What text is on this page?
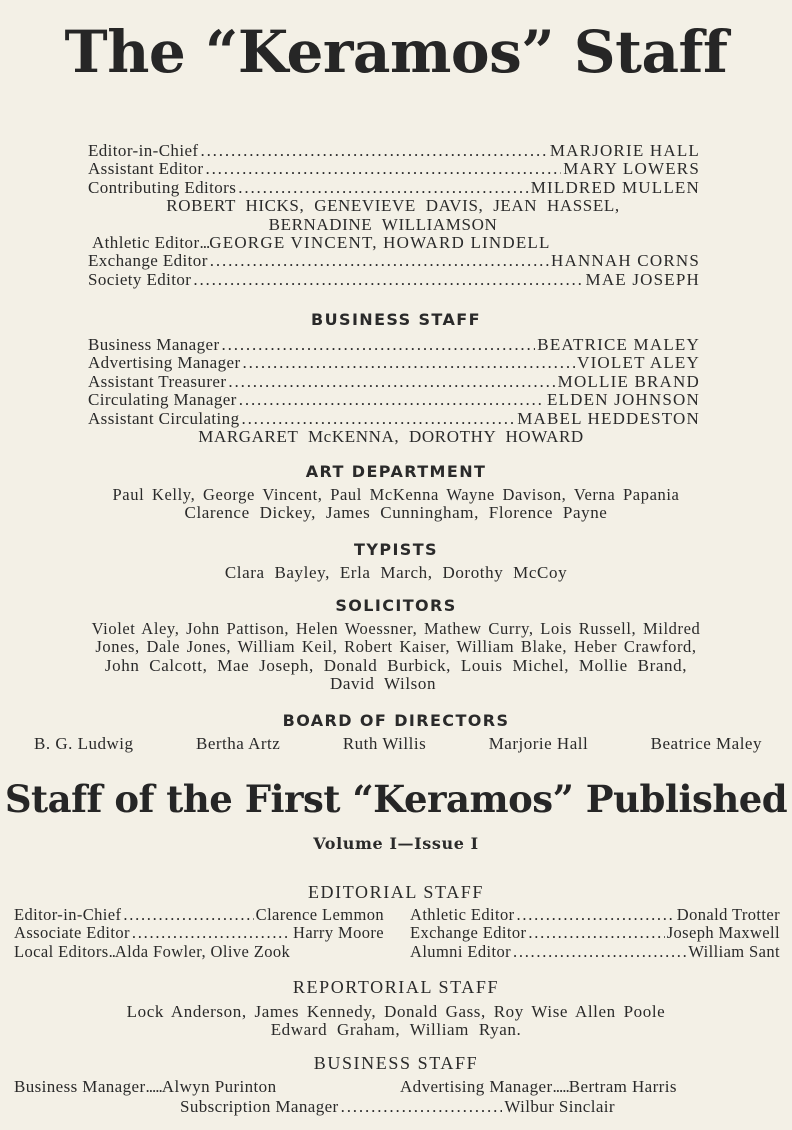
The “Keramos” Staff
Editor-in-Chief . . .	MARJORIE HALL
Assistant Editor . . .	MARY LOWERS
Contributing Editors . . .	MILDRED MULLEN
ROBERT HICKS, GENEVIEVE DAVIS, JEAN HASSEL,
BERNADINE WILLIAMSON
Athletic Editor ... GEORGE VINCENT, HOWARD LINDELL
Exchange Editor . . .	HANNAH CORNS
Society Editor . . .	MAE JOSEPH
BUSINESS STAFF
Business Manager . . .	BEATRICE MALEY
Advertising Manager . . .	VIOLET ALEY
Assistant Treasurer . . .	MOLLIE BRAND
Circulating Manager . . .	ELDEN JOHNSON
Assistant Circulating . . .	MABEL HEDDESTON
MARGARET McKENNA, DOROTHY HOWARD
ART DEPARTMENT
Paul Kelly, George Vincent, Paul McKenna Wayne Davison, Verna Papania
Clarence Dickey, James Cunningham, Florence Payne
TYPISTS
Clara Bayley, Erla March, Dorothy McCoy
SOLICITORS
Violet Aley, John Pattison, Helen Woessner, Mathew Curry, Lois Russell, Mildred
Jones, Dale Jones, William Keil, Robert Kaiser, William Blake, Heber Crawford,
John Calcott, Mae Joseph, Donald Burbick, Louis Michel, Mollie Brand,
David Wilson
BOARD OF DIRECTORS
B. G. Ludwig	Bertha Artz	Ruth Willis	Marjorie Hall	Beatrice Maley
Staff of the First “Keramos” Published
Volume I—Issue I
EDITORIAL STAFF
Editor-in-Chief . . .	Clarence Lemmon
Associate Editor . . .	Harry Moore
Local Editors .. Alda Fowler, Olive Zook
Athletic Editor . . .	Donald Trotter
Exchange Editor . . .	Joseph Maxwell
Alumni Editor . . .	William Sant
REPORTORIAL STAFF
Lock Anderson, James Kennedy, Donald Gass, Roy Wise Allen Poole
Edward Graham, William Ryan.
BUSINESS STAFF
Business Manager ..... Alwyn Purinton	Advertising Manager ..... Bertram Harris
Subscription Manager . . .	Wilbur Sinclair
